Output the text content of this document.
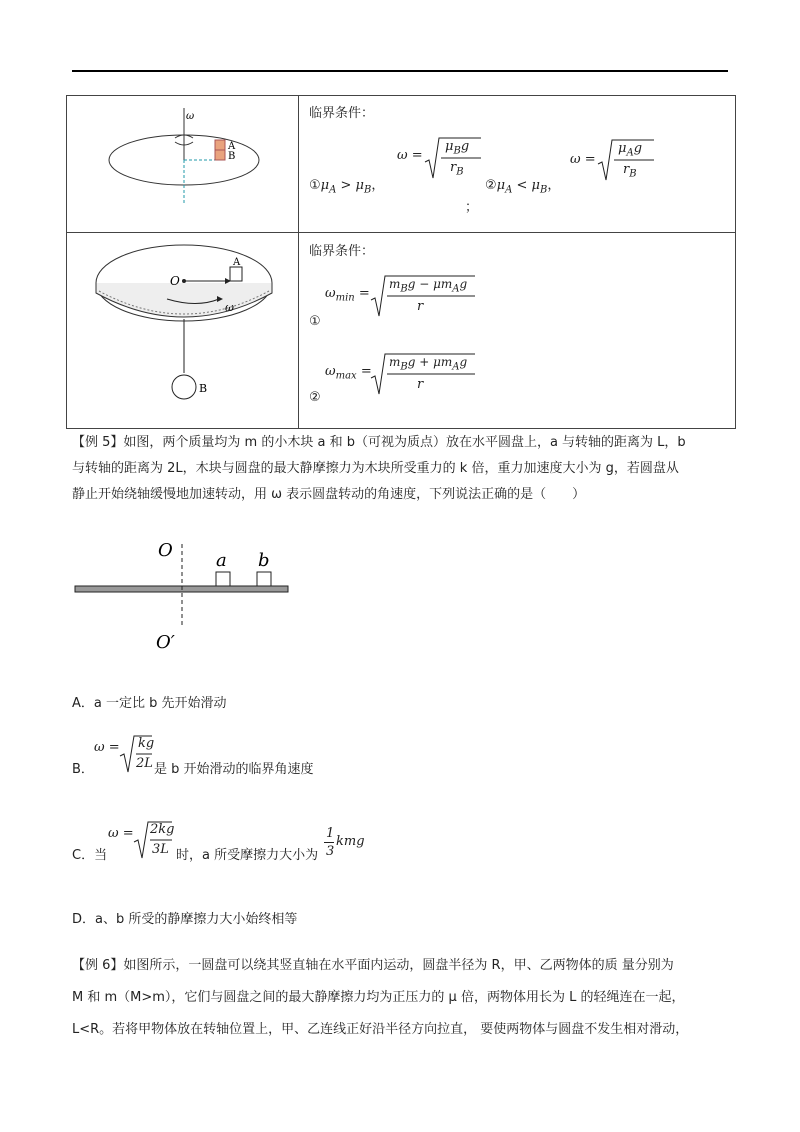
ω
A
B
临界条件：
ω =
$\mu_Bg$
$r_B$
$①\mu_A > \mu_B$，	$②\mu_A < \mu_B$，
ω =
$\mu_Ag$
$r_B$
；
O
A
B
ω
临界条件：
$\omega_{min}$ =
$m_Bg - \mu m_Ag$
r
①
$\omega_{max}$ =
$m_Bg + \mu m_Ag$
r
②
【例 5】如图，两个质量均为 m 的小木块 a 和 b（可视为质点）放在水平圆盘上，a 与转轴的距离为 L，b
与转轴的距离为 2L，木块与圆盘的最大静摩擦力为木块所受重力的 k 倍，重力加速度大小为 g，若圆盘从
静止开始绕轴缓慢地加速转动，用 ω 表示圆盘转动的角速度，下列说法正确的是（　　）
O
O′
a b
A．a 一定比 b 先开始滑动
B．
ω = kg
2L 是 b 开始滑动的临界角速度
C．当
ω = 2kg
3L 时，a 所受摩擦力大小为
1
3
kmg
D．a、b 所受的静摩擦力大小始终相等
【例 6】如图所示，一圆盘可以绕其竖直轴在水平面内运动，圆盘半径为 R，甲、乙两物体的质 量分别为
M 和 m（M>m），它们与圆盘之间的最大静摩擦力均为正压力的 μ 倍，两物体用长为 L 的轻绳连在一起，
L<R。若将甲物体放在转轴位置上，甲、乙连线正好沿半径方向拉直， 要使两物体与圆盘不发生相对滑动，
